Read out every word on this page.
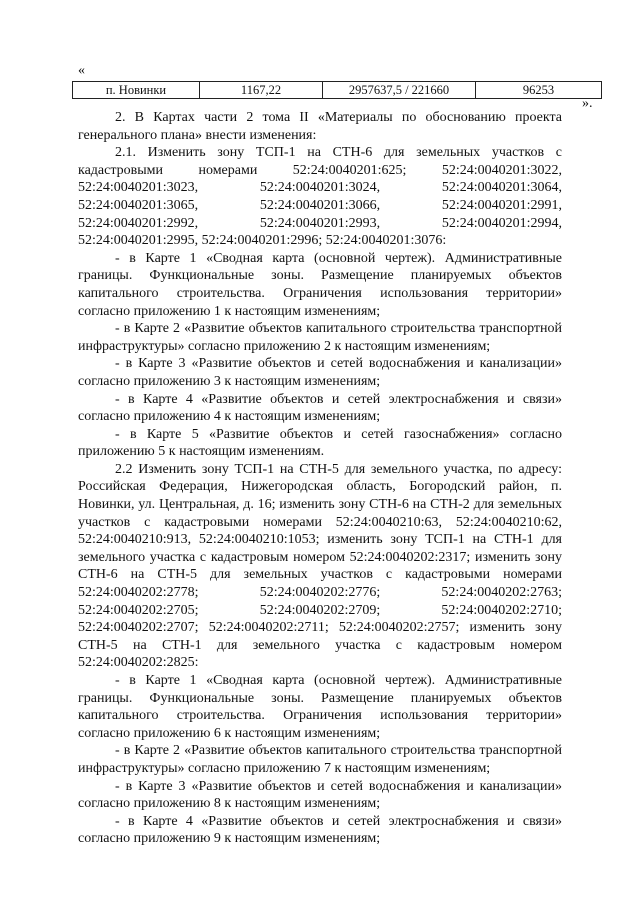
«
п. Новинки	1167,22	2957637,5 / 221660	96253
».
2. В Картах части 2 тома II «Материалы по обоснованию проекта
генерального плана» внести изменения:
2.1. Изменить зону ТСП-1 на СТН-6 для земельных участков с
кадастровыми номерами 52:24:0040201:625; 52:24:0040201:3022,
52:24:0040201:3023, 52:24:0040201:3024, 52:24:0040201:3064,
52:24:0040201:3065, 52:24:0040201:3066, 52:24:0040201:2991,
52:24:0040201:2992, 52:24:0040201:2993, 52:24:0040201:2994,
52:24:0040201:2995, 52:24:0040201:2996; 52:24:0040201:3076:
- в Карте 1 «Сводная карта (основной чертеж). Административные
границы. Функциональные зоны. Размещение планируемых объектов
капитального строительства. Ограничения использования территории»
согласно приложению 1 к настоящим изменениям;
- в Карте 2 «Развитие объектов капитального строительства транспортной
инфраструктуры» согласно приложению 2 к настоящим изменениям;
- в Карте 3 «Развитие объектов и сетей водоснабжения и канализации»
согласно приложению 3 к настоящим изменениям;
- в Карте 4 «Развитие объектов и сетей электроснабжения и связи»
согласно приложению 4 к настоящим изменениям;
- в Карте 5 «Развитие объектов и сетей газоснабжения» согласно
приложению 5 к настоящим изменениям.
2.2 Изменить зону ТСП-1 на СТН-5 для земельного участка, по адресу:
Российская Федерация, Нижегородская область, Богородский район, п.
Новинки, ул. Центральная, д. 16; изменить зону СТН-6 на СТН-2 для земельных
участков с кадастровыми номерами 52:24:0040210:63, 52:24:0040210:62,
52:24:0040210:913, 52:24:0040210:1053; изменить зону ТСП-1 на СТН-1 для
земельного участка с кадастровым номером 52:24:0040202:2317; изменить зону
СТН-6 на СТН-5 для земельных участков с кадастровыми номерами
52:24:0040202:2778; 52:24:0040202:2776; 52:24:0040202:2763;
52:24:0040202:2705; 52:24:0040202:2709; 52:24:0040202:2710;
52:24:0040202:2707; 52:24:0040202:2711; 52:24:0040202:2757; изменить зону
СТН-5 на СТН-1 для земельного участка с кадастровым номером
52:24:0040202:2825:
- в Карте 1 «Сводная карта (основной чертеж). Административные
границы. Функциональные зоны. Размещение планируемых объектов
капитального строительства. Ограничения использования территории»
согласно приложению 6 к настоящим изменениям;
- в Карте 2 «Развитие объектов капитального строительства транспортной
инфраструктуры» согласно приложению 7 к настоящим изменениям;
- в Карте 3 «Развитие объектов и сетей водоснабжения и канализации»
согласно приложению 8 к настоящим изменениям;
- в Карте 4 «Развитие объектов и сетей электроснабжения и связи»
согласно приложению 9 к настоящим изменениям;
